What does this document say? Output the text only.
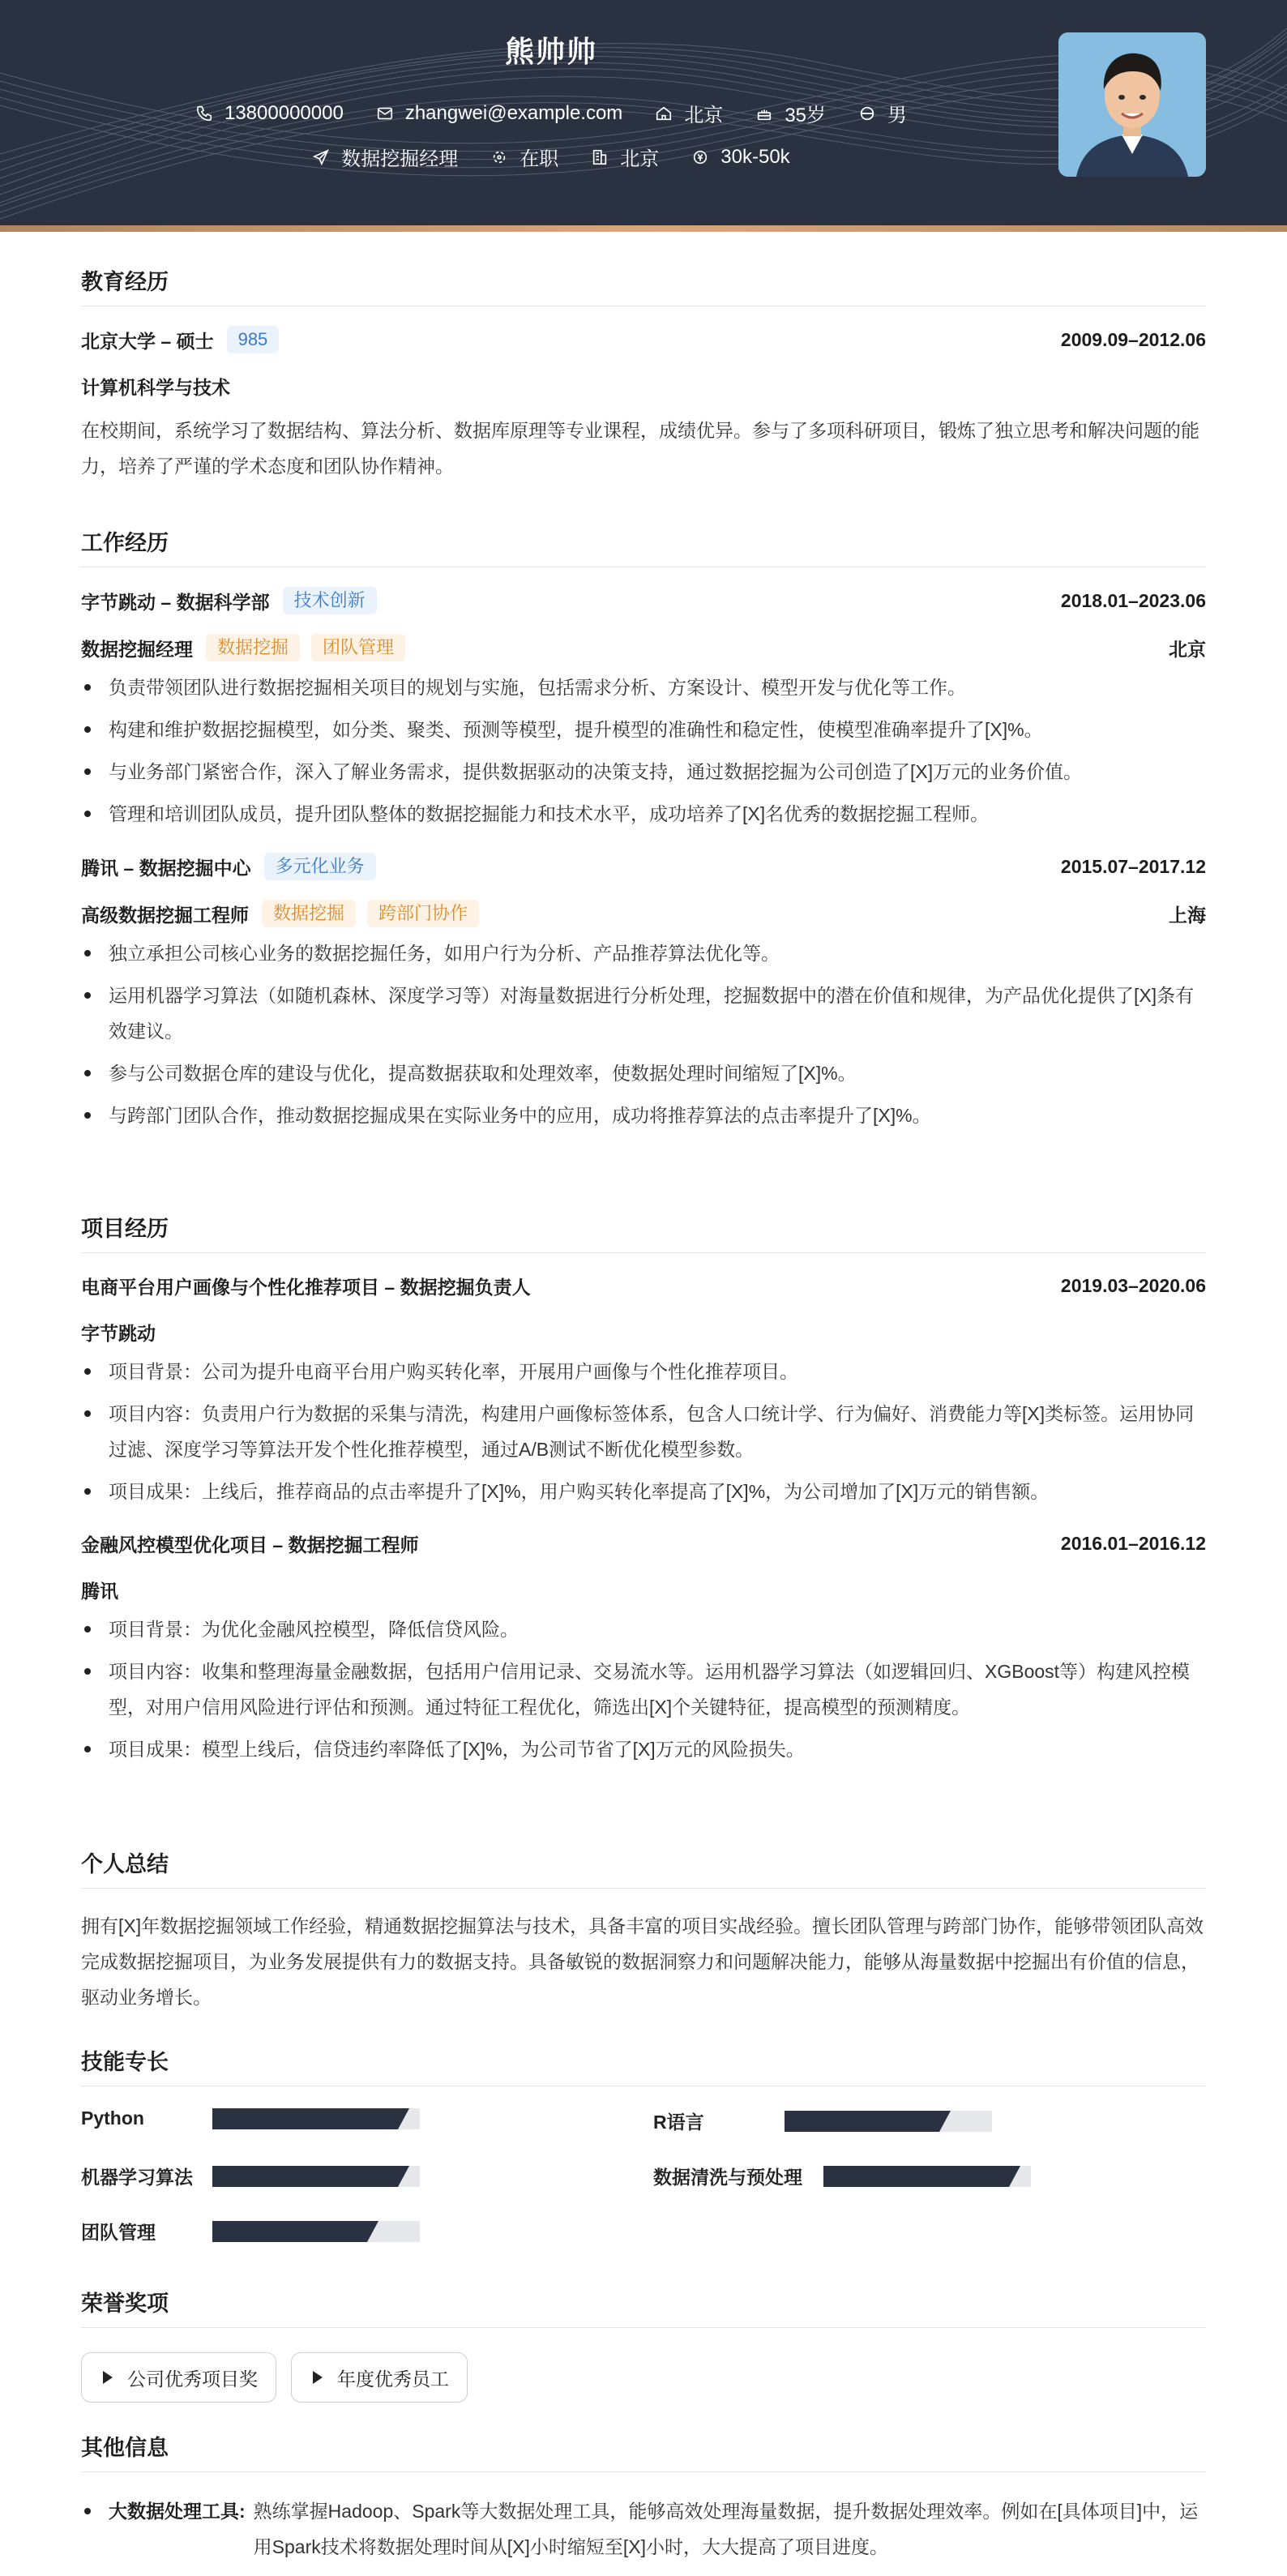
熊帅帅
13800000000	zhangwei@example.com	北京	35岁	男
数据挖掘经理	在职	北京	30k-50k
教育经历
北京大学 – 硕士	985	2009.09–2012.06
计算机科学与技术
在校期间，系统学习了数据结构、算法分析、数据库原理等专业课程，成绩优异。参与了多项科研项目，锻炼了独立思考和解决问题的能力，培养了严谨的学术态度和团队协作精神。
工作经历
字节跳动 – 数据科学部	技术创新	2018.01–2023.06
数据挖掘经理	数据挖掘	团队管理	北京
负责带领团队进行数据挖掘相关项目的规划与实施，包括需求分析、方案设计、模型开发与优化等工作。
构建和维护数据挖掘模型，如分类、聚类、预测等模型，提升模型的准确性和稳定性，使模型准确率提升了[X]%。
与业务部门紧密合作，深入了解业务需求，提供数据驱动的决策支持，通过数据挖掘为公司创造了[X]万元的业务价值。
管理和培训团队成员，提升团队整体的数据挖掘能力和技术水平，成功培养了[X]名优秀的数据挖掘工程师。
腾讯 – 数据挖掘中心	多元化业务	2015.07–2017.12
高级数据挖掘工程师	数据挖掘	跨部门协作	上海
独立承担公司核心业务的数据挖掘任务，如用户行为分析、产品推荐算法优化等。
运用机器学习算法（如随机森林、深度学习等）对海量数据进行分析处理，挖掘数据中的潜在价值和规律，为产品优化提供了[X]条有效建议。
参与公司数据仓库的建设与优化，提高数据获取和处理效率，使数据处理时间缩短了[X]%。
与跨部门团队合作，推动数据挖掘成果在实际业务中的应用，成功将推荐算法的点击率提升了[X]%。
项目经历
电商平台用户画像与个性化推荐项目 – 数据挖掘负责人	2019.03–2020.06
字节跳动
项目背景：公司为提升电商平台用户购买转化率，开展用户画像与个性化推荐项目。
项目内容：负责用户行为数据的采集与清洗，构建用户画像标签体系，包含人口统计学、行为偏好、消费能力等[X]类标签。运用协同过滤、深度学习等算法开发个性化推荐模型，通过A/B测试不断优化模型参数。
项目成果：上线后，推荐商品的点击率提升了[X]%，用户购买转化率提高了[X]%，为公司增加了[X]万元的销售额。
金融风控模型优化项目 – 数据挖掘工程师	2016.01–2016.12
腾讯
项目背景：为优化金融风控模型，降低信贷风险。
项目内容：收集和整理海量金融数据，包括用户信用记录、交易流水等。运用机器学习算法（如逻辑回归、XGBoost等）构建风控模型，对用户信用风险进行评估和预测。通过特征工程优化，筛选出[X]个关键特征，提高模型的预测精度。
项目成果：模型上线后，信贷违约率降低了[X]%，为公司节省了[X]万元的风险损失。
个人总结
拥有[X]年数据挖掘领域工作经验，精通数据挖掘算法与技术，具备丰富的项目实战经验。擅长团队管理与跨部门协作，能够带领团队高效完成数据挖掘项目，为业务发展提供有力的数据支持。具备敏锐的数据洞察力和问题解决能力，能够从海量数据中挖掘出有价值的信息，驱动业务增长。
技能专长
Python	R语言
机器学习算法	数据清洗与预处理
团队管理
荣誉奖项
公司优秀项目奖	年度优秀员工
其他信息
大数据处理工具: 熟练掌握Hadoop、Spark等大数据处理工具，能够高效处理海量数据，提升数据处理效率。例如在[具体项目]中，运用Spark技术将数据处理时间从[X]小时缩短至[X]小时，大大提高了项目进度。
